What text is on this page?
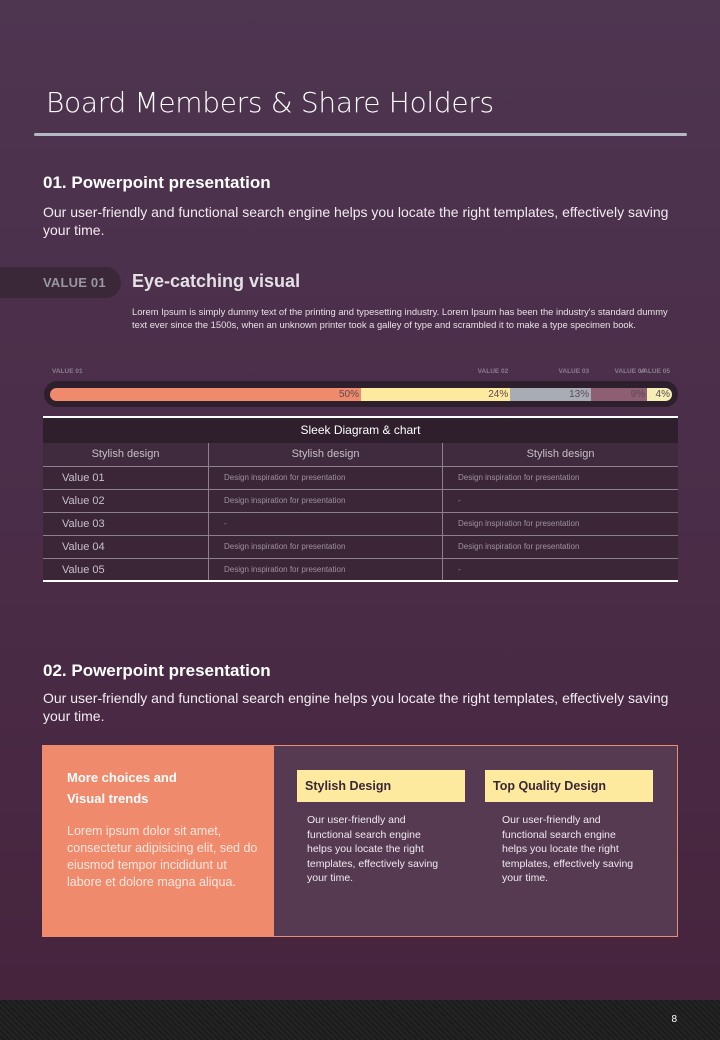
Board Members & Share Holders
01. Powerpoint presentation
Our user-friendly and functional search engine helps you locate the right templates, effectively saving your time.
VALUE 01	Eye-catching visual
Lorem Ipsum is simply dummy text of the printing and typesetting industry. Lorem Ipsum has been the industry's standard dummy text ever since the 1500s, when an unknown printer took a galley of type and scrambled it to make a type specimen book.
50%
VALUE 01
24%
VALUE 02
13%
VALUE 03
9%
VALUE 04
4%
VALUE 05
Sleek Diagram & chart
Stylish design	Stylish design	Stylish design
Value 01	Design inspiration for presentation	Design inspiration for presentation
Value 02	Design inspiration for presentation	-
Value 03	-	Design inspiration for presentation
Value 04	Design inspiration for presentation	Design inspiration for presentation
Value 05	Design inspiration for presentation	-
02. Powerpoint presentation
Our user-friendly and functional search engine helps you locate the right templates, effectively saving your time.
More choices and
Visual trends
Lorem ipsum dolor sit amet, consectetur adipisicing elit, sed do eiusmod tempor incididunt ut labore et dolore magna aliqua.
Stylish Design
Our user-friendly and functional search engine helps you locate the right templates, effectively saving your time.
Top Quality Design
Our user-friendly and functional search engine helps you locate the right templates, effectively saving your time.
8
